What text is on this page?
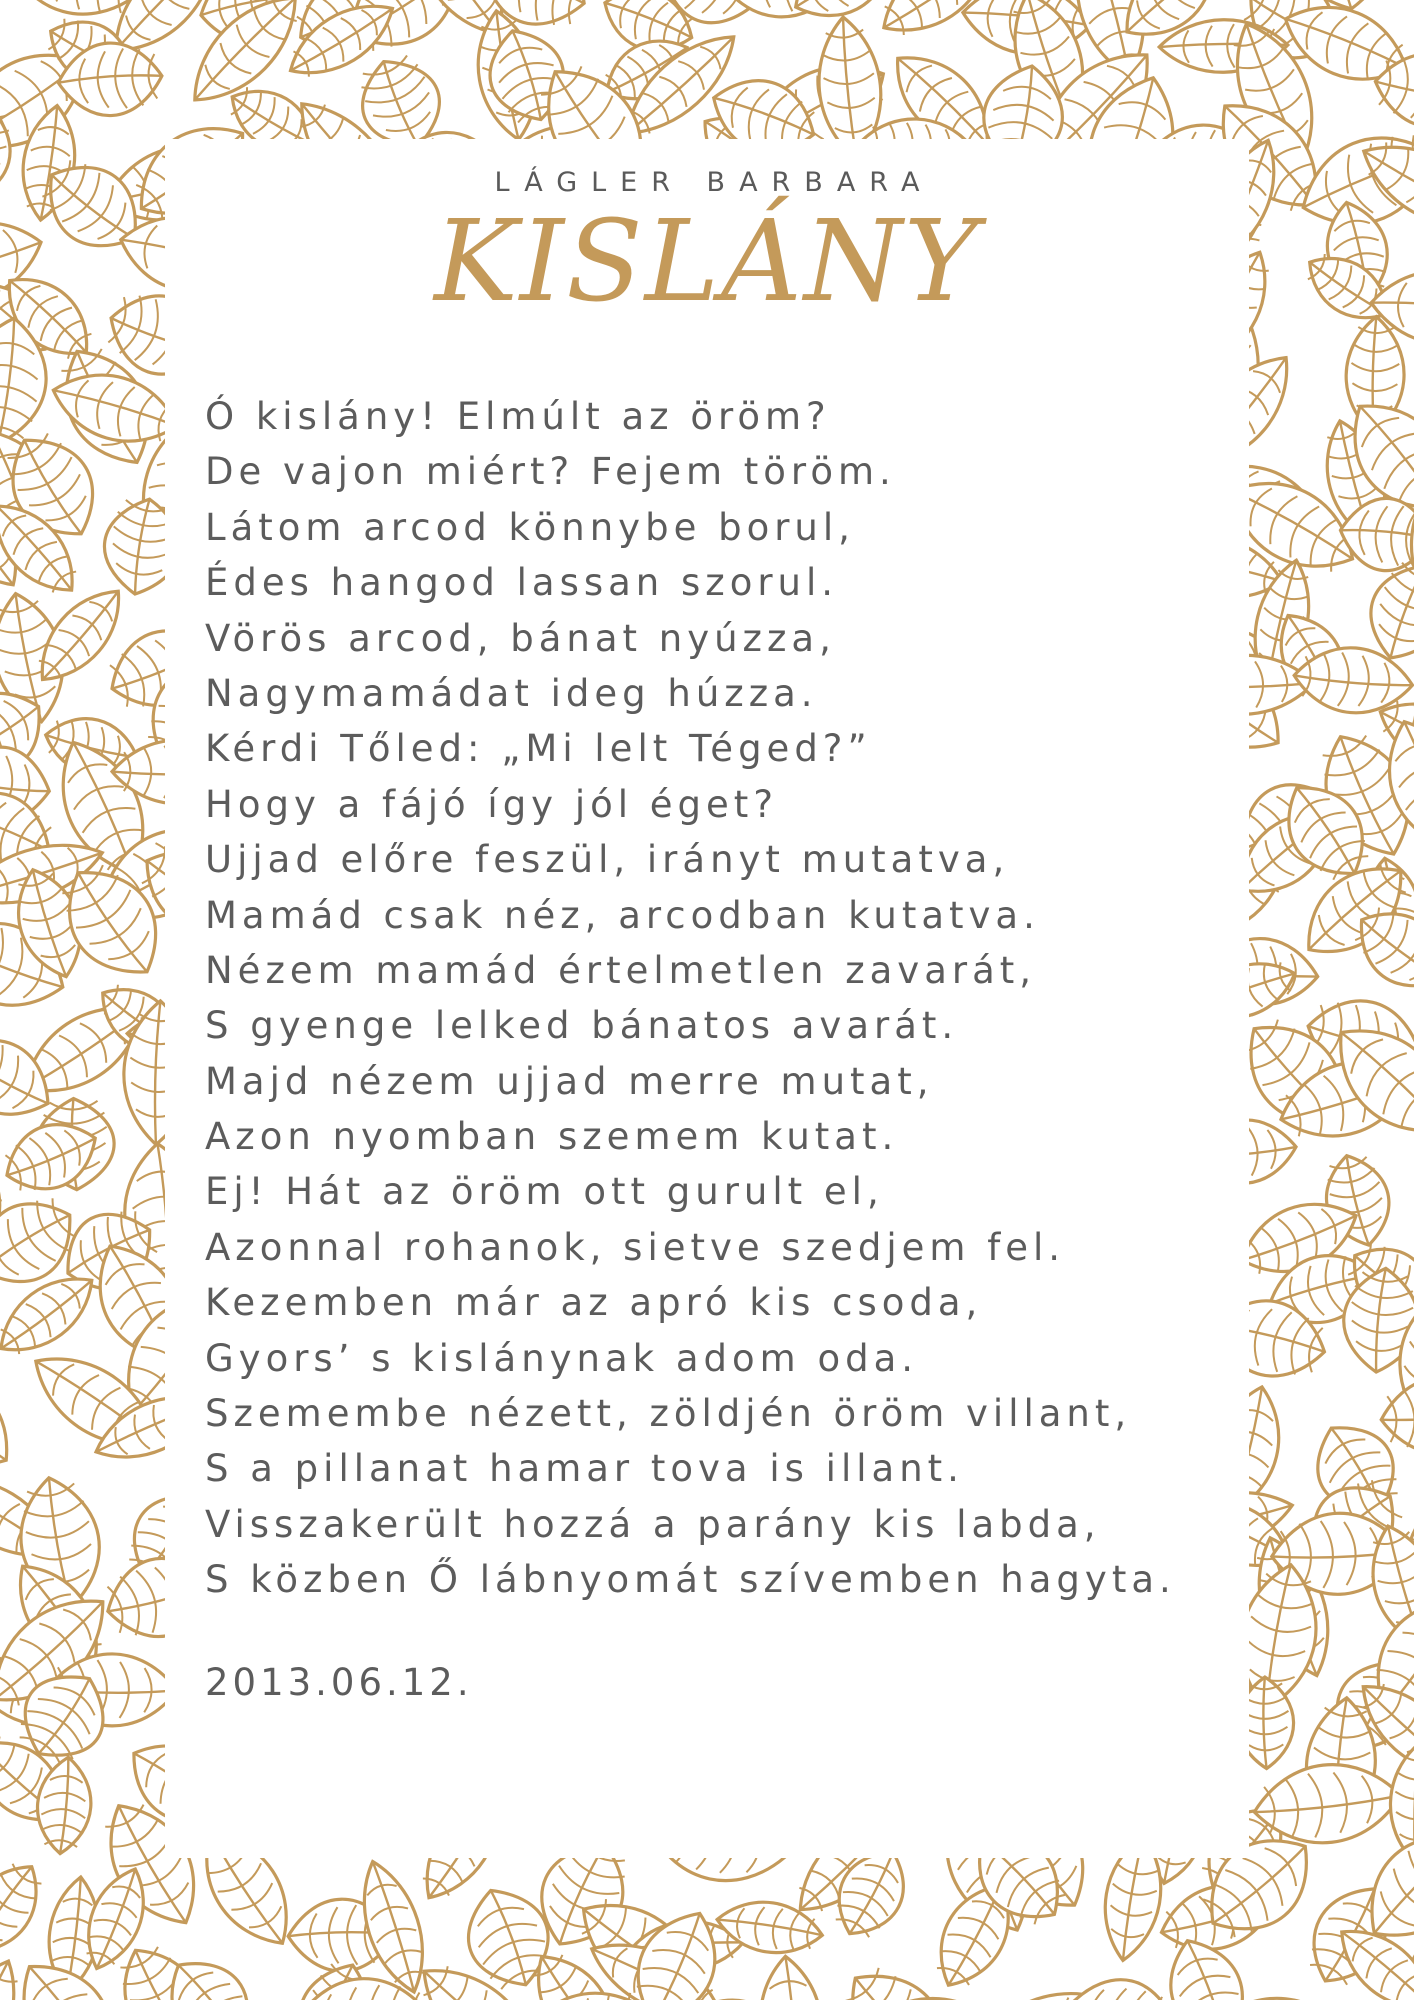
LÁGLER BARBARA
KISLÁNY
Ó kislány! Elmúlt az öröm?
De vajon miért? Fejem töröm.
Látom arcod könnybe borul,
Édes hangod lassan szorul.
Vörös arcod, bánat nyúzza,
Nagymamádat ideg húzza.
Kérdi Tőled: „Mi lelt Téged?”
Hogy a fájó így jól éget?
Ujjad előre feszül, irányt mutatva,
Mamád csak néz, arcodban kutatva.
Nézem mamád értelmetlen zavarát,
S gyenge lelked bánatos avarát.
Majd nézem ujjad merre mutat,
Azon nyomban szemem kutat.
Ej! Hát az öröm ott gurult el,
Azonnal rohanok, sietve szedjem fel.
Kezemben már az apró kis csoda,
Gyors’ s kislánynak adom oda.
Szemembe nézett, zöldjén öröm villant,
S a pillanat hamar tova is illant.
Visszakerült hozzá a parány kis labda,
S közben Ő lábnyomát szívemben hagyta.
2013.06.12.
